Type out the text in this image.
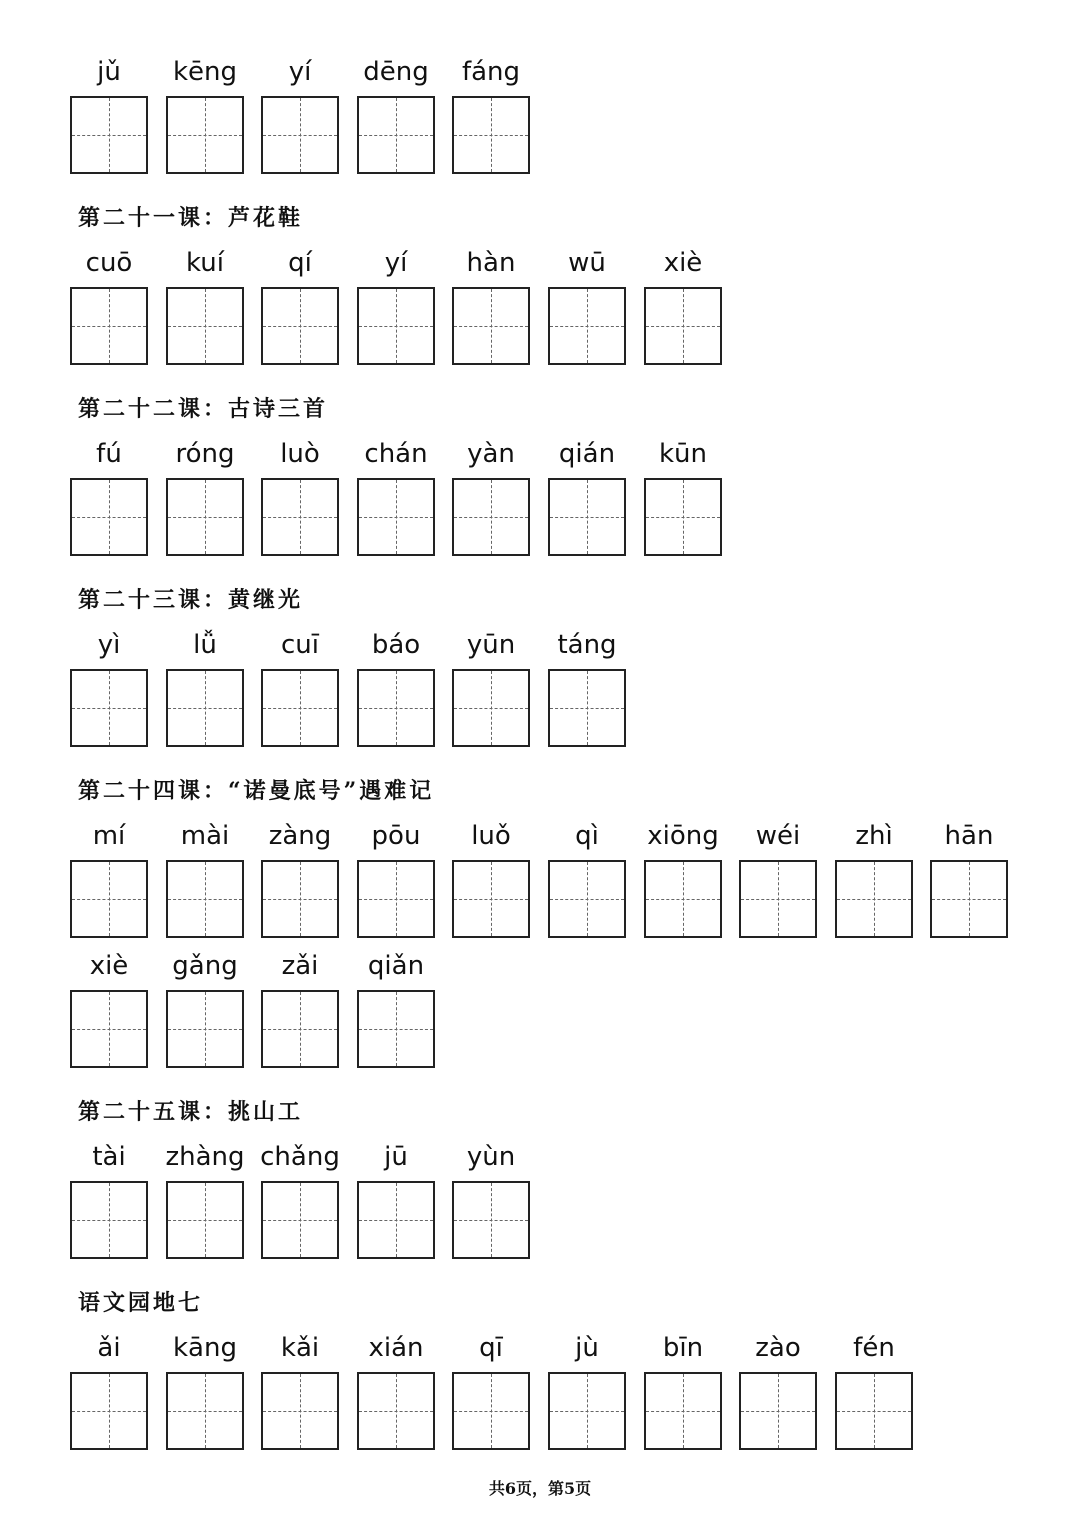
jǔ	kēng	yí	dēng	fáng
第二十一课：芦花鞋
cuō	kuí	qí	yí	hàn	wū	xiè
第二十二课：古诗三首
fú	róng	luò	chán	yàn	qián	kūn
第二十三课：黄继光
yì	lǚ	cuī	báo	yūn	táng
第二十四课：“诺曼底号”遇难记
mí	mài	zàng	pōu	luǒ	qì	xiōng	wéi	zhì	hān
xiè	gǎng	zǎi	qiǎn
第二十五课：挑山工
tài	zhàng chǎng	jū	yùn
语文园地七
ǎi	kāng	kǎi	xián	qī	jù	bīn	zào	fén
共6页，第5页
